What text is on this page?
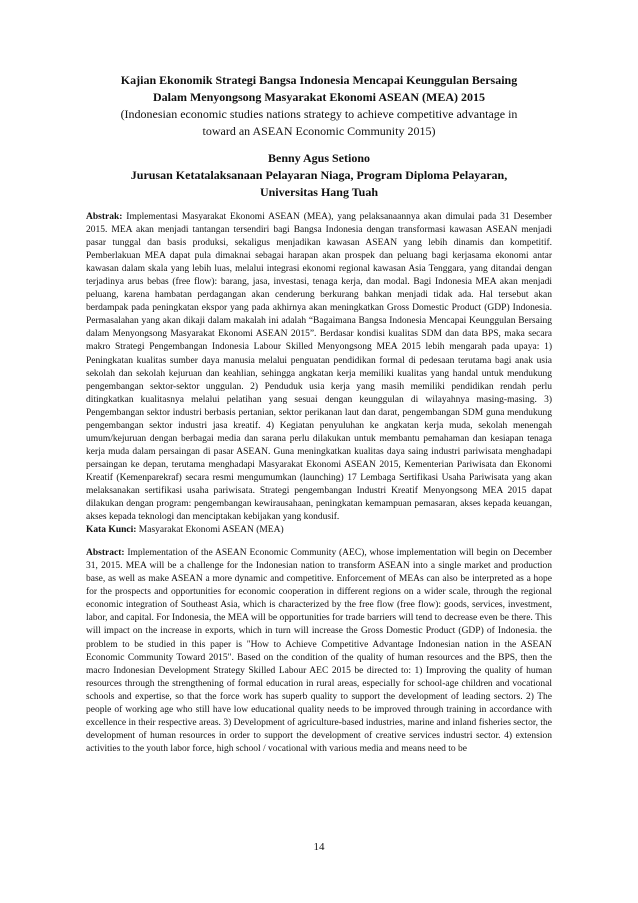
Kajian Ekonomik Strategi Bangsa Indonesia Mencapai Keunggulan Bersaing

Dalam Menyongsong Masyarakat Ekonomi ASEAN (MEA) 2015

(Indonesian economic studies nations strategy to achieve competitive advantage in

toward an ASEAN Economic Community 2015)

Benny Agus Setiono

Jurusan Ketatalaksanaan Pelayaran Niaga, Program Diploma Pelayaran,

Universitas Hang Tuah

Abstrak: Implementasi Masyarakat Ekonomi ASEAN (MEA), yang pelaksanaannya akan dimulai pada 31 Desember 2015. MEA akan menjadi tantangan tersendiri bagi Bangsa Indonesia dengan transformasi kawasan ASEAN menjadi pasar tunggal dan basis produksi, sekaligus menjadikan kawasan ASEAN yang lebih dinamis dan kompetitif. Pemberlakuan MEA dapat pula dimaknai sebagai harapan akan prospek dan peluang bagi kerjasama ekonomi antar kawasan dalam skala yang lebih luas, melalui integrasi ekonomi regional kawasan Asia Tenggara, yang ditandai dengan terjadinya arus bebas (free flow): barang, jasa, investasi, tenaga kerja, dan modal. Bagi Indonesia MEA akan menjadi peluang, karena hambatan perdagangan akan cenderung berkurang bahkan menjadi tidak ada. Hal tersebut akan berdampak pada peningkatan ekspor yang pada akhirnya akan meningkatkan Gross Domestic Product (GDP) Indonesia. Permasalahan yang akan dikaji dalam makalah ini adalah “Bagaimana Bangsa Indonesia Mencapai Keunggulan Bersaing dalam Menyongsong Masyarakat Ekonomi ASEAN 2015”. Berdasar kondisi kualitas SDM dan data BPS, maka secara makro Strategi Pengembangan Indonesia Labour Skilled Menyongsong MEA 2015 lebih mengarah pada upaya: 1) Peningkatan kualitas sumber daya manusia melalui penguatan pendidikan formal di pedesaan terutama bagi anak usia sekolah dan sekolah kejuruan dan keahlian, sehingga angkatan kerja memiliki kualitas yang handal untuk mendukung pengembangan sektor-sektor unggulan. 2) Penduduk usia kerja yang masih memiliki pendidikan rendah perlu ditingkatkan kualitasnya melalui pelatihan yang sesuai dengan keunggulan di wilayahnya masing-masing. 3) Pengembangan sektor industri berbasis pertanian, sektor perikanan laut dan darat, pengembangan SDM guna mendukung pengembangan sektor industri jasa kreatif. 4) Kegiatan penyuluhan ke angkatan kerja muda, sekolah menengah umum/kejuruan dengan berbagai media dan sarana perlu dilakukan untuk membantu pemahaman dan kesiapan tenaga kerja muda dalam persaingan di pasar ASEAN. Guna meningkatkan kualitas daya saing industri pariwisata menghadapi persaingan ke depan, terutama menghadapi Masyarakat Ekonomi ASEAN 2015, Kementerian Pariwisata dan Ekonomi Kreatif (Kemenparekraf) secara resmi mengumumkan (launching) 17 Lembaga Sertifikasi Usaha Pariwisata yang akan melaksanakan sertifikasi usaha pariwisata. Strategi pengembangan Industri Kreatif Menyongsong MEA 2015 dapat dilakukan dengan program: pengembangan kewirausahaan, peningkatan kemampuan pemasaran, akses kepada keuangan, akses kepada teknologi dan menciptakan kebijakan yang kondusif.

Kata Kunci: Masyarakat Ekonomi ASEAN (MEA)

Abstract: Implementation of the ASEAN Economic Community (AEC), whose implementation will begin on December 31, 2015. MEA will be a challenge for the Indonesian nation to transform ASEAN into a single market and production base, as well as make ASEAN a more dynamic and competitive. Enforcement of MEAs can also be interpreted as a hope for the prospects and opportunities for economic cooperation in different regions on a wider scale, through the regional economic integration of Southeast Asia, which is characterized by the free flow (free flow): goods, services, investment, labor, and capital. For Indonesia, the MEA will be opportunities for trade barriers will tend to decrease even be there. This will impact on the increase in exports, which in turn will increase the Gross Domestic Product (GDP) of Indonesia. the problem to be studied in this paper is "How to Achieve Competitive Advantage Indonesian nation in the ASEAN Economic Community Toward 2015". Based on the condition of the quality of human resources and the BPS, then the macro Indonesian Development Strategy Skilled Labour AEC 2015 be directed to: 1) Improving the quality of human resources through the strengthening of formal education in rural areas, especially for school-age children and vocational schools and expertise, so that the force work has superb quality to support the development of leading sectors. 2) The people of working age who still have low educational quality needs to be improved through training in accordance with excellence in their respective areas. 3) Development of agriculture-based industries, marine and inland fisheries sector, the development of human resources in order to support the development of creative services industri sector. 4) extension activities to the youth labor force, high school / vocational with various media and means need to be

14
